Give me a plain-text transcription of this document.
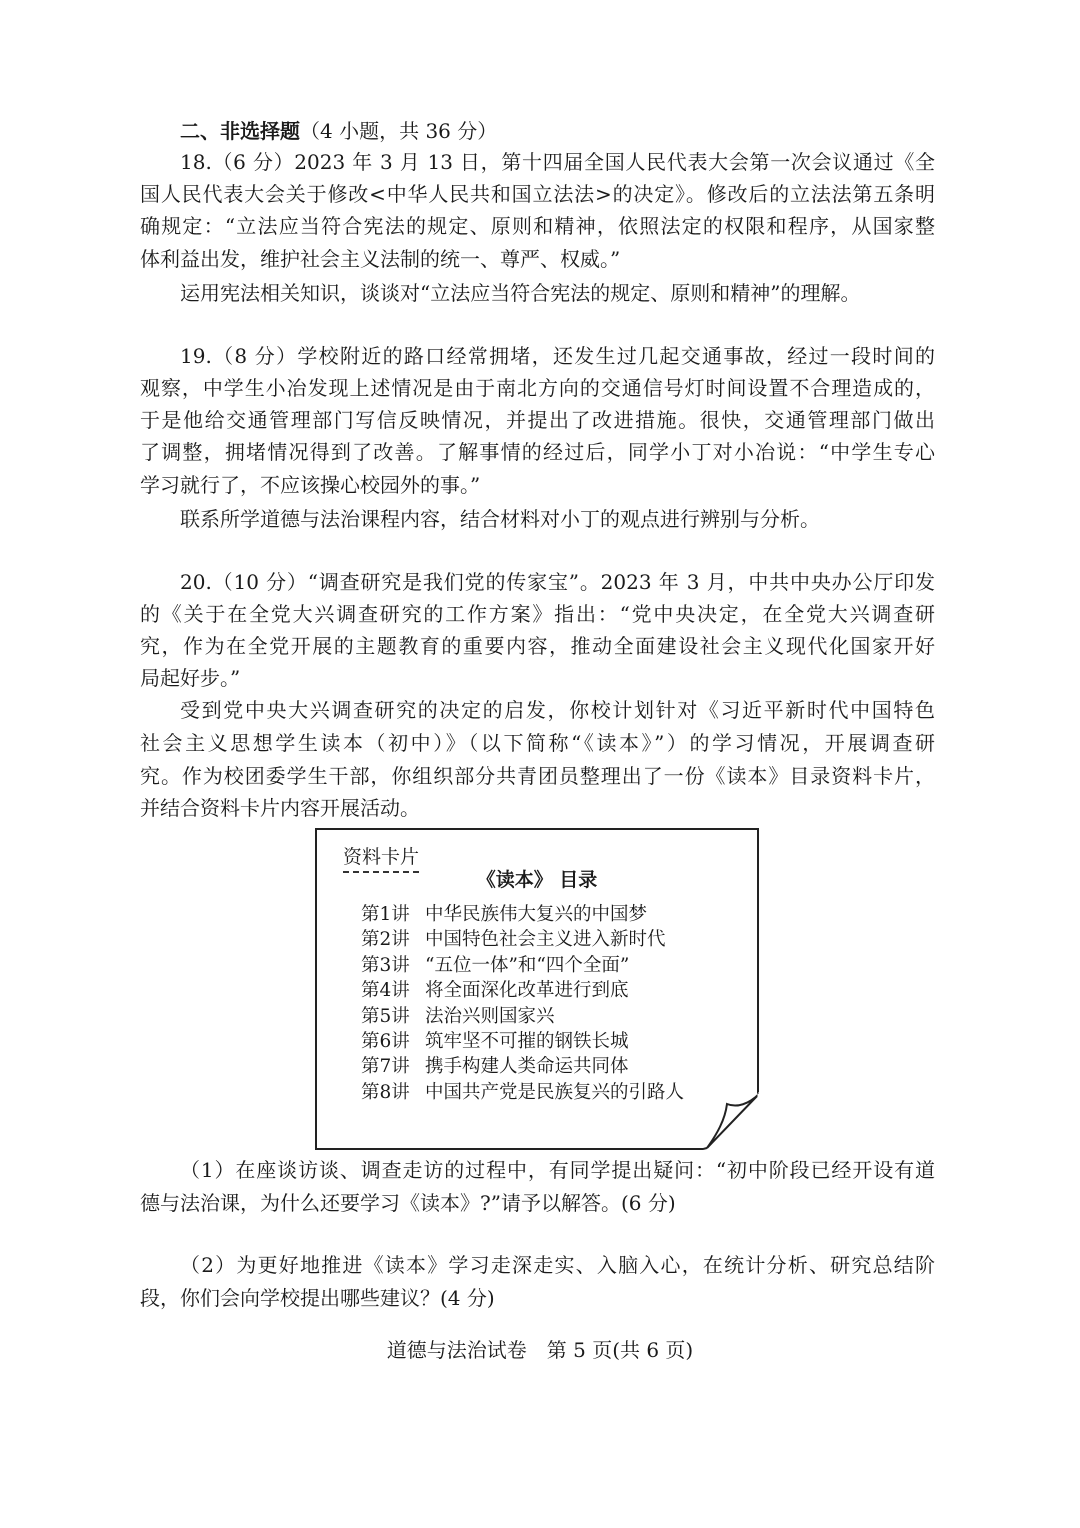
二、非选择题（4 小题，共 36 分）
18.（6 分）2023 年 3 月 13 日，第十四届全国人民代表大会第一次会议通过《全
国人民代表大会关于修改<中华人民共和国立法法>的决定》。修改后的立法法第五条明
确规定：“立法应当符合宪法的规定、原则和精神，依照法定的权限和程序，从国家整
体利益出发，维护社会主义法制的统一、尊严、权威。”
运用宪法相关知识，谈谈对“立法应当符合宪法的规定、原则和精神”的理解。
19.（8 分）学校附近的路口经常拥堵，还发生过几起交通事故，经过一段时间的
观察，中学生小冶发现上述情况是由于南北方向的交通信号灯时间设置不合理造成的，
于是他给交通管理部门写信反映情况，并提出了改进措施。很快，交通管理部门做出
了调整，拥堵情况得到了改善。了解事情的经过后，同学小丁对小冶说：“中学生专心
学习就行了，不应该操心校园外的事。”
联系所学道德与法治课程内容，结合材料对小丁的观点进行辨别与分析。
20.（10 分）“调查研究是我们党的传家宝”。2023 年 3 月，中共中央办公厅印发
的《关于在全党大兴调查研究的工作方案》指出：“党中央决定，在全党大兴调查研
究，作为在全党开展的主题教育的重要内容，推动全面建设社会主义现代化国家开好
局起好步。”
受到党中央大兴调查研究的决定的启发，你校计划针对《习近平新时代中国特色
社会主义思想学生读本（初中）》（以下简称“《读本》”）的学习情况，开展调查研
究。作为校团委学生干部，你组织部分共青团员整理出了一份《读本》目录资料卡片，
并结合资料卡片内容开展活动。
资料卡片
《读本》 目录
第1讲 中华民族伟大复兴的中国梦
第2讲 中国特色社会主义进入新时代
第3讲 “五位一体”和“四个全面”
第4讲 将全面深化改革进行到底
第5讲 法治兴则国家兴
第6讲 筑牢坚不可摧的钢铁长城
第7讲 携手构建人类命运共同体
第8讲 中国共产党是民族复兴的引路人
（1）在座谈访谈、调查走访的过程中，有同学提出疑问：“初中阶段已经开设有道
德与法治课，为什么还要学习《读本》?”请予以解答。(6 分)
（2）为更好地推进《读本》学习走深走实、入脑入心，在统计分析、研究总结阶
段，你们会向学校提出哪些建议？(4 分)
道德与法治试卷　第 5 页(共 6 页)
